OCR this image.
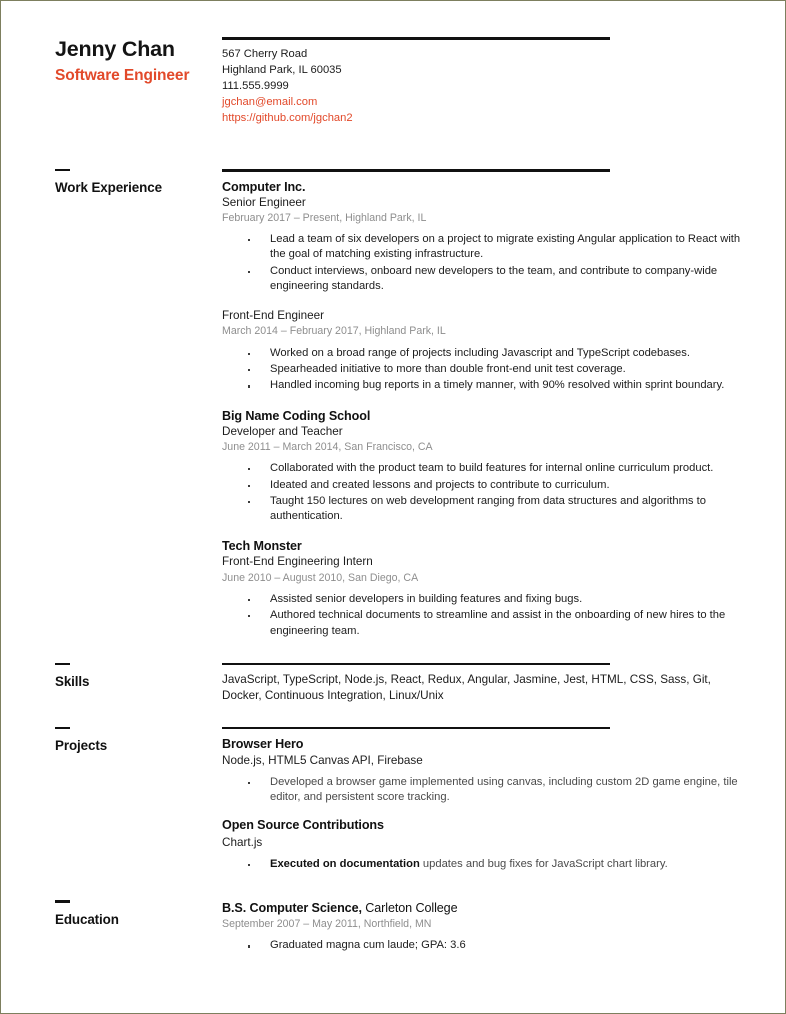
Jenny Chan
Software Engineer
567 Cherry Road
Highland Park, IL 60035
111.555.9999
jgchan@email.com
https://github.com/jgchan2
Work Experience	Computer Inc.
Senior Engineer
February 2017 – Present, Highland Park, IL
Lead a team of six developers on a project to migrate existing Angular application to React with the goal of matching existing infrastructure.
Conduct interviews, onboard new developers to the team, and contribute to company-wide engineering standards.
Front-End Engineer
March 2014 – February 2017, Highland Park, IL
Worked on a broad range of projects including Javascript and TypeScript codebases.
Spearheaded initiative to more than double front-end unit test coverage.
Handled incoming bug reports in a timely manner, with 90% resolved within sprint boundary.
Big Name Coding School
Developer and Teacher
June 2011 – March 2014, San Francisco, CA
Collaborated with the product team to build features for internal online curriculum product.
Ideated and created lessons and projects to contribute to curriculum.
Taught 150 lectures on web development ranging from data structures and algorithms to authentication.
Tech Monster
Front-End Engineering Intern
June 2010 – August 2010, San Diego, CA
Assisted senior developers in building features and fixing bugs.
Authored technical documents to streamline and assist in the onboarding of new hires to the engineering team.
Skills	JavaScript, TypeScript, Node.js, React, Redux, Angular, Jasmine, Jest, HTML, CSS, Sass, Git, Docker, Continuous Integration, Linux/Unix
Projects	Browser Hero
Node.js, HTML5 Canvas API, Firebase
Developed a browser game implemented using canvas, including custom 2D game engine, tile editor, and persistent score tracking.
Open Source Contributions
Chart.js
Executed on documentation updates and bug fixes for JavaScript chart library.
Education
B.S. Computer Science, Carleton College
September 2007 – May 2011, Northfield, MN
Graduated magna cum laude; GPA: 3.6
